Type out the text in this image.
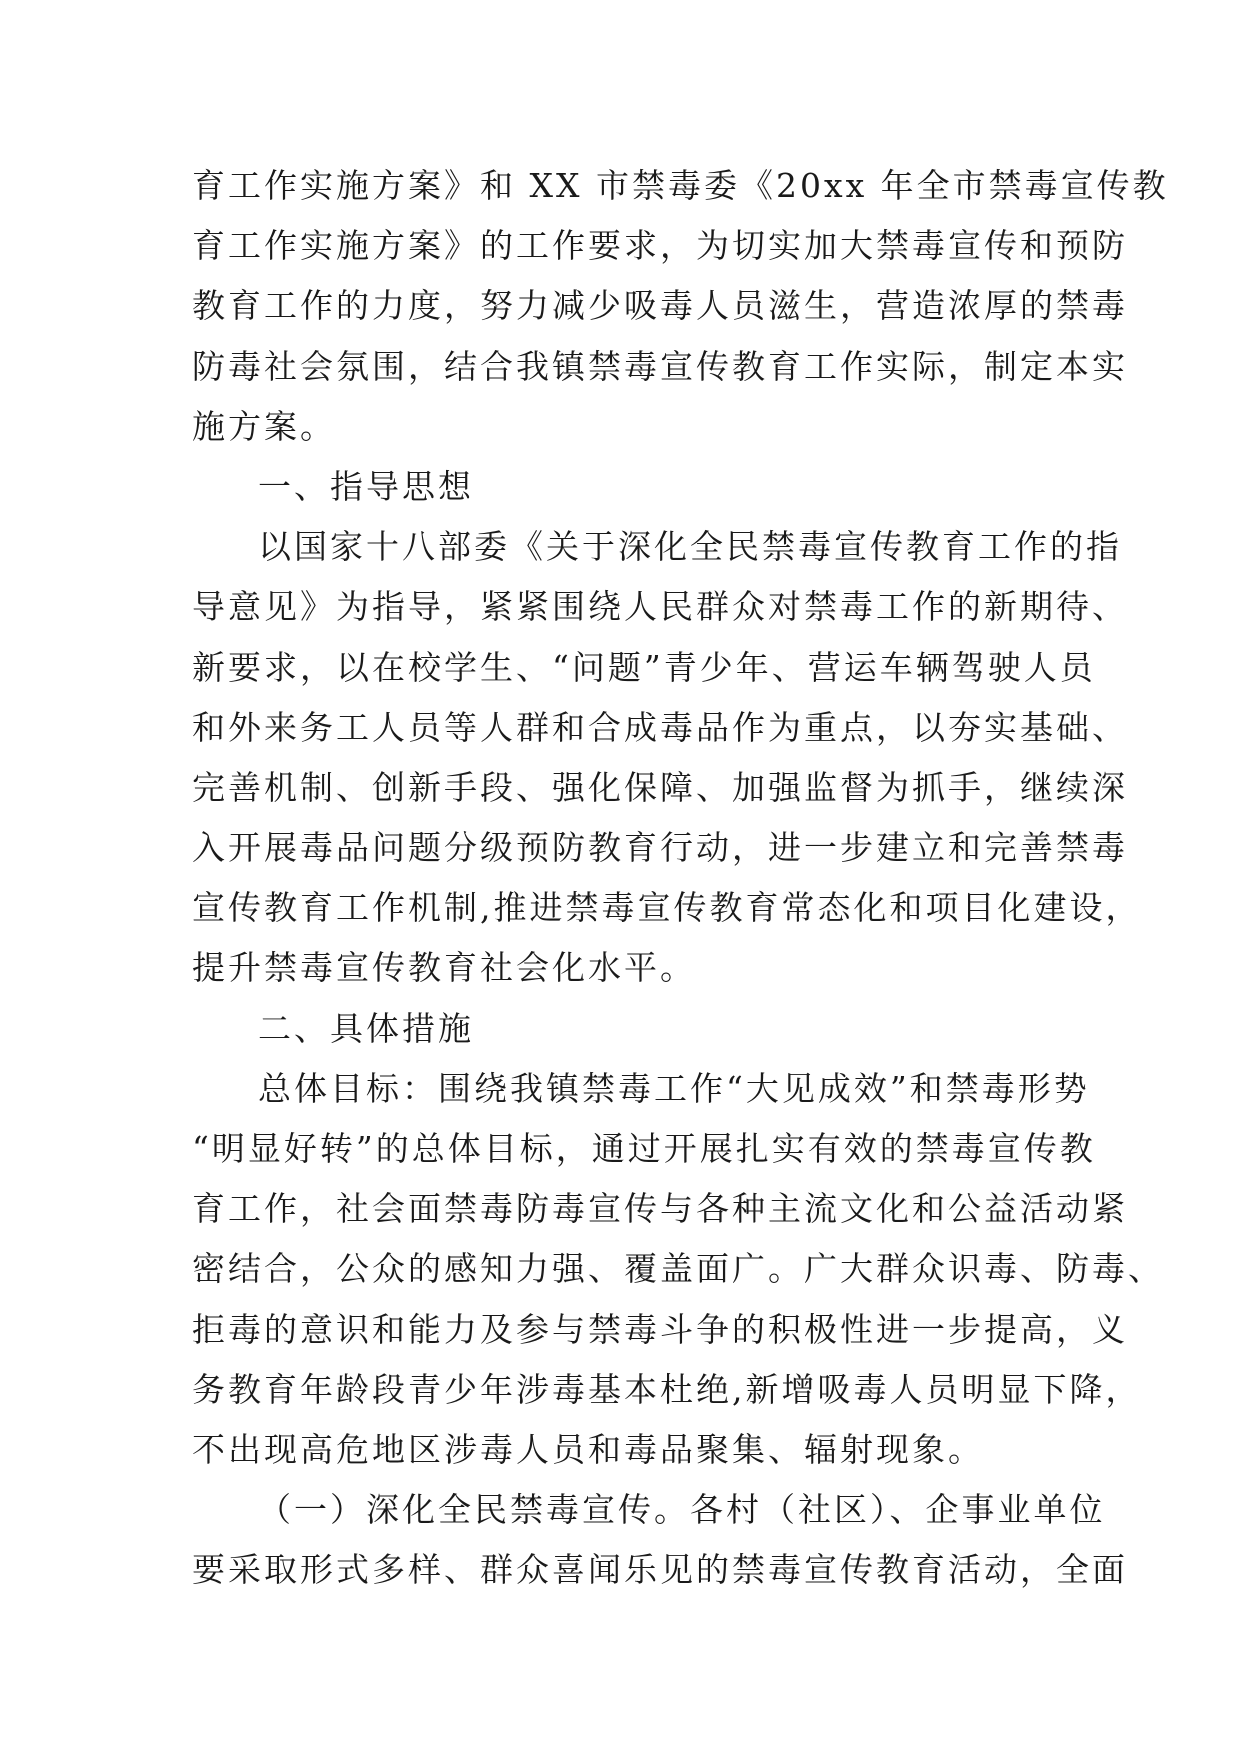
育工作实施方案》和 XX 市禁毒委《20xx 年全市禁毒宣传教
育工作实施方案》的工作要求，为切实加大禁毒宣传和预防
教育工作的力度，努力减少吸毒人员滋生，营造浓厚的禁毒
防毒社会氛围，结合我镇禁毒宣传教育工作实际，制定本实
施方案。
一、指导思想
以国家十八部委《关于深化全民禁毒宣传教育工作的指
导意见》为指导，紧紧围绕人民群众对禁毒工作的新期待、
新要求，以在校学生、“问题”青少年、营运车辆驾驶人员
和外来务工人员等人群和合成毒品作为重点，以夯实基础、
完善机制、创新手段、强化保障、加强监督为抓手，继续深
入开展毒品问题分级预防教育行动，进一步建立和完善禁毒
宣传教育工作机制,推进禁毒宣传教育常态化和项目化建设，
提升禁毒宣传教育社会化水平。
二、具体措施
总体目标：围绕我镇禁毒工作“大见成效”和禁毒形势
“明显好转”的总体目标，通过开展扎实有效的禁毒宣传教
育工作，社会面禁毒防毒宣传与各种主流文化和公益活动紧
密结合，公众的感知力强、覆盖面广。广大群众识毒、防毒、
拒毒的意识和能力及参与禁毒斗争的积极性进一步提高，义
务教育年龄段青少年涉毒基本杜绝,新增吸毒人员明显下降，
不出现高危地区涉毒人员和毒品聚集、辐射现象。
（一）深化全民禁毒宣传。各村（社区）、企事业单位
要采取形式多样、群众喜闻乐见的禁毒宣传教育活动，全面
